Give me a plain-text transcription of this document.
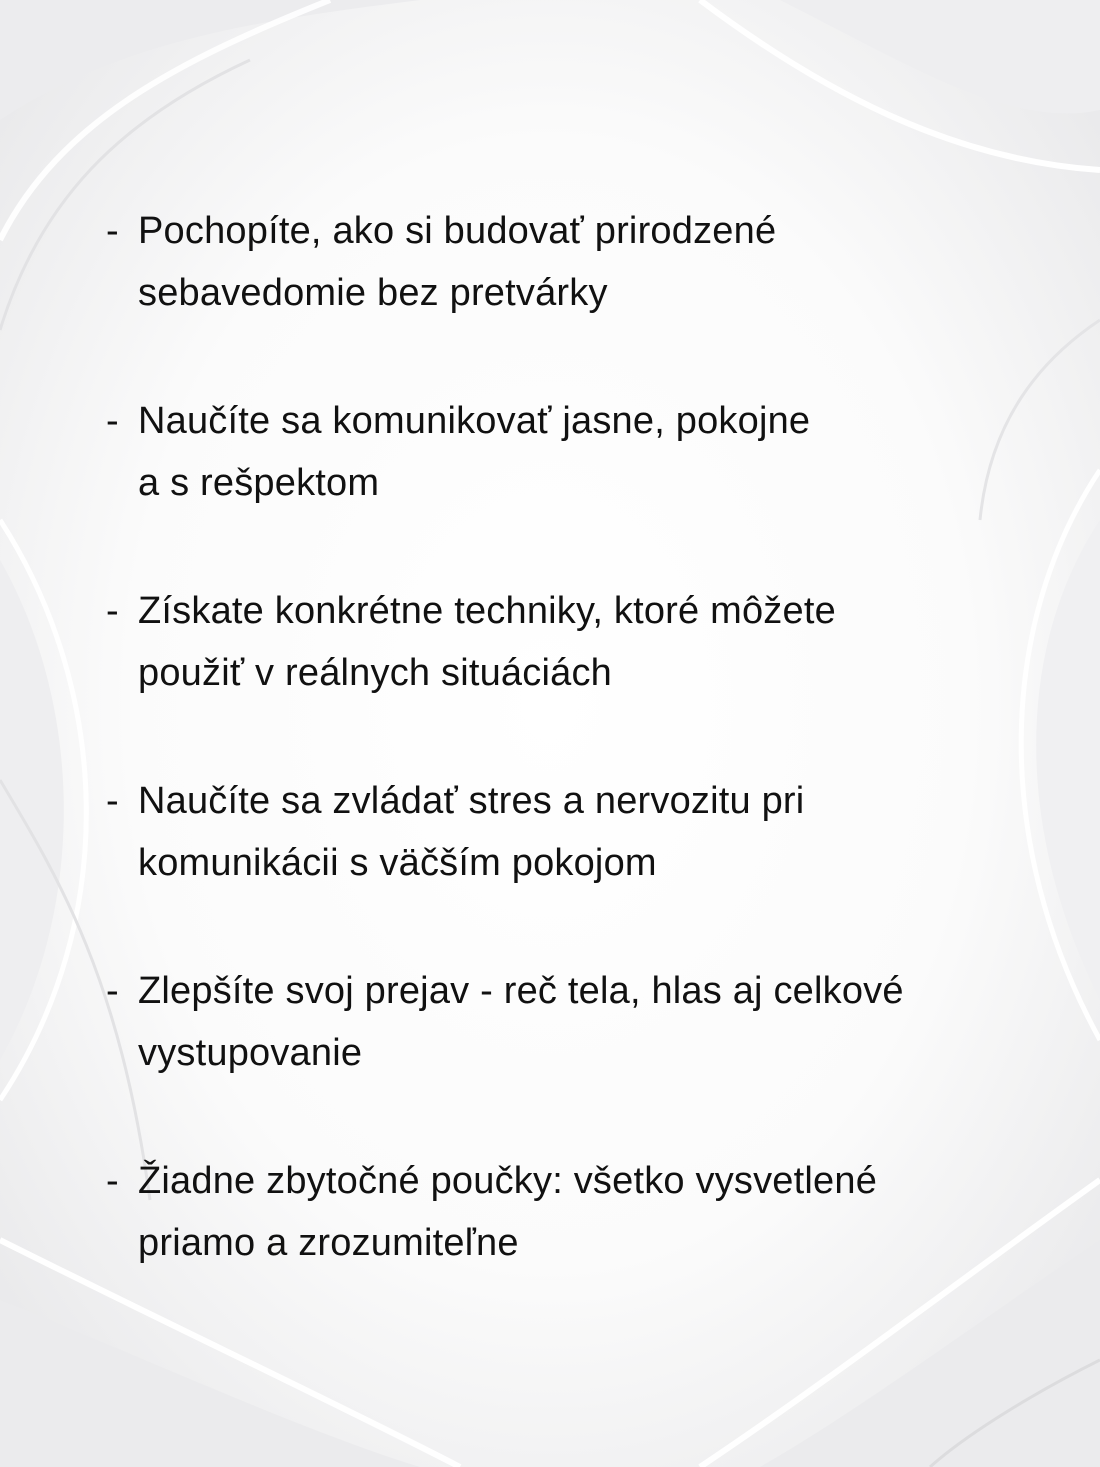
- Pochopíte, ako si budovať prirodzené
sebavedomie bez pretvárky
- Naučíte sa komunikovať jasne, pokojne
a s rešpektom
- Získate konkrétne techniky, ktoré môžete
použiť v reálnych situáciách
- Naučíte sa zvládať stres a nervozitu pri
komunikácii s väčším pokojom
- Zlepšíte svoj prejav - reč tela, hlas aj celkové
vystupovanie
- Žiadne zbytočné poučky: všetko vysvetlené
priamo a zrozumiteľne
